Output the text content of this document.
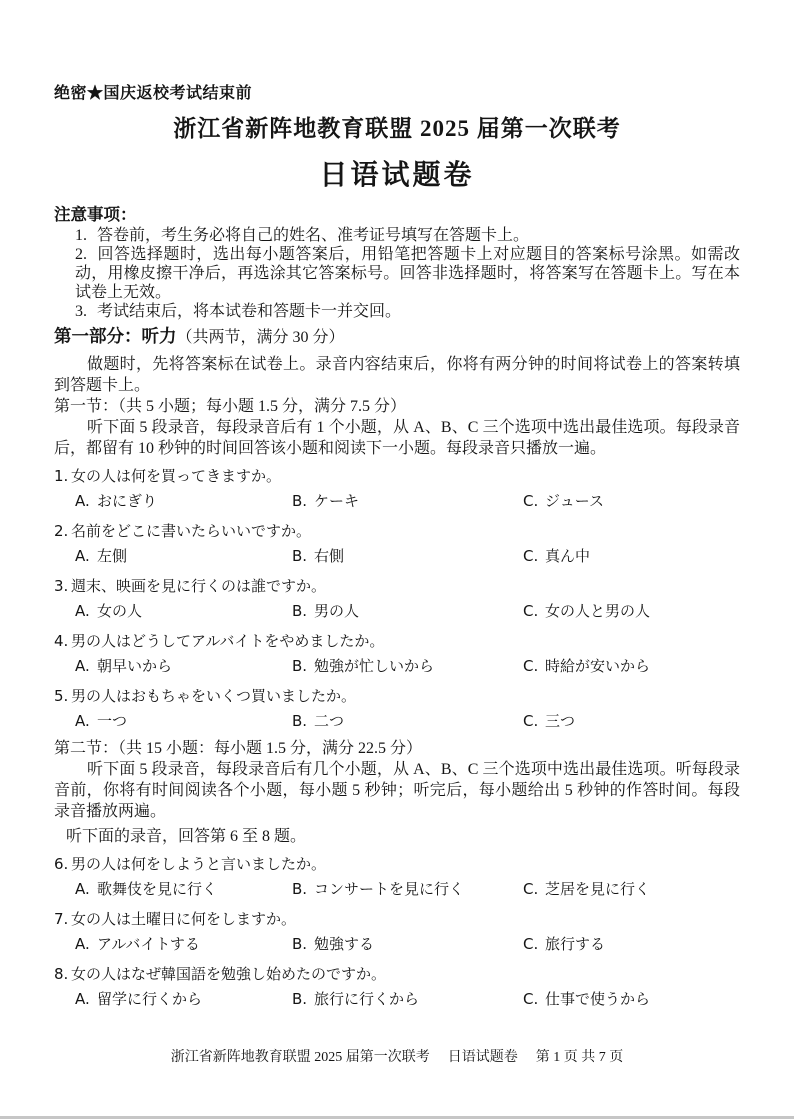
绝密★国庆返校考试结束前
浙江省新阵地教育联盟 2025 届第一次联考
日语试题卷
注意事项：
1. 答卷前，考生务必将自己的姓名、准考证号填写在答题卡上。
2. 回答选择题时，选出每小题答案后，用铅笔把答题卡上对应题目的答案标号涂黑。如需改动，用橡皮擦干净后，再选涂其它答案标号。回答非选择题时，将答案写在答题卡上。写在本试卷上无效。
3. 考试结束后，将本试卷和答题卡一并交回。
第一部分：听力（共两节，满分 30 分）
做题时，先将答案标在试卷上。录音内容结束后，你将有两分钟的时间将试卷上的答案转填到答题卡上。
第一节：（共 5 小题；每小题 1.5 分，满分 7.5 分）
听下面 5 段录音，每段录音后有 1 个小题，从 A、B、C 三个选项中选出最佳选项。每段录音后，都留有 10 秒钟的时间回答该小题和阅读下一小题。每段录音只播放一遍。
1. 女の人は何を買ってきますか。
A. おにぎり	B. ケーキ	C. ジュース
2. 名前をどこに書いたらいいですか。
A. 左側	B. 右側	C. 真ん中
3. 週末、映画を見に行くのは誰ですか。
A. 女の人	B. 男の人	C. 女の人と男の人
4. 男の人はどうしてアルバイトをやめましたか。
A. 朝早いから	B. 勉強が忙しいから	C. 時給が安いから
5. 男の人はおもちゃをいくつ買いましたか。
A. 一つ	B. 二つ	C. 三つ
第二节：（共 15 小题：每小题 1.5 分，满分 22.5 分）
听下面 5 段录音，每段录音后有几个小题，从 A、B、C 三个选项中选出最佳选项。听每段录音前，你将有时间阅读各个小题，每小题 5 秒钟；听完后，每小题给出 5 秒钟的作答时间。每段录音播放两遍。
听下面的录音，回答第 6 至 8 题。
6. 男の人は何をしようと言いましたか。
A. 歌舞伎を見に行く	B. コンサートを見に行く	C. 芝居を見に行く
7. 女の人は土曜日に何をしますか。
A. アルバイトする	B. 勉強する	C. 旅行する
8. 女の人はなぜ韓国語を勉強し始めたのですか。
A. 留学に行くから	B. 旅行に行くから	C. 仕事で使うから
浙江省新阵地教育联盟 2025 届第一次联考 日语试题卷 第 1 页 共 7 页
